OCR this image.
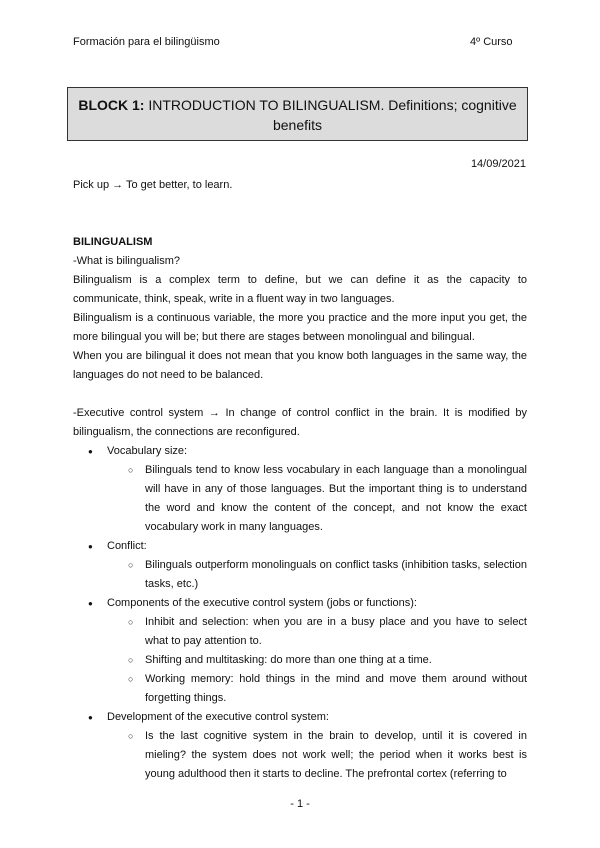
Formación para el bilingüismo	4º Curso
BLOCK 1: INTRODUCTION TO BILINGUALISM. Definitions; cognitive benefits
14/09/2021

Pick up → To get better, to learn.

BILINGUALISM

-What is bilingualism?

Bilingualism is a complex term to define, but we can define it as the capacity to communicate, think, speak, write in a fluent way in two languages.

Bilingualism is a continuous variable, the more you practice and the more input you get, the more bilingual you will be; but there are stages between monolingual and bilingual.

When you are bilingual it does not mean that you know both languages in the same way, the languages do not need to be balanced.

-Executive control system → In change of control conflict in the brain. It is modified by bilingualism, the connections are reconfigured.

● Vocabulary size:
○ Bilinguals tend to know less vocabulary in each language than a monolingual will have in any of those languages. But the important thing is to understand the word and know the content of the concept, and not know the exact vocabulary work in many languages.
● Conflict:
○ Bilinguals outperform monolinguals on conflict tasks (inhibition tasks, selection tasks, etc.)
● Components of the executive control system (jobs or functions):
○ Inhibit and selection: when you are in a busy place and you have to select what to pay attention to.
○ Shifting and multitasking: do more than one thing at a time.
○ Working memory: hold things in the mind and move them around without forgetting things.
● Development of the executive control system:
○ Is the last cognitive system in the brain to develop, until it is covered in mieling? the system does not work well; the period when it works best is young adulthood then it starts to decline. The prefrontal cortex (referring to
- 1 -
